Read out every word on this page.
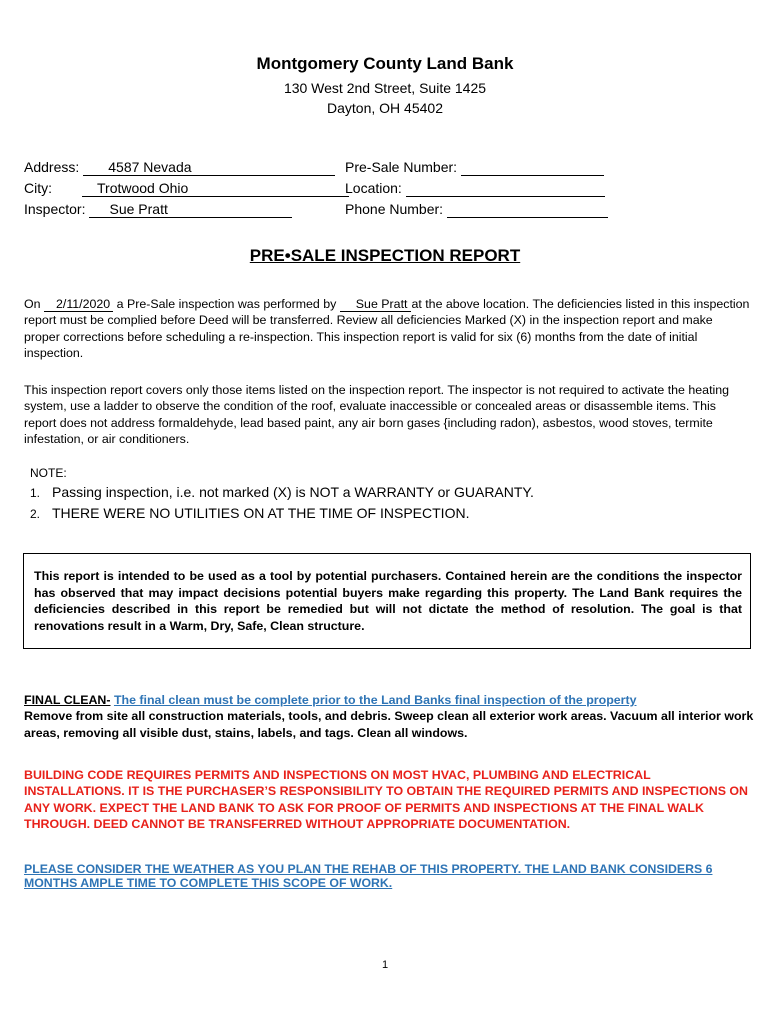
Montgomery County Land Bank
130 West 2nd Street, Suite 1425
Dayton, OH 45402
Address: 4587 Nevada
City:	Trotwood Ohio
Inspector: Sue Pratt
Pre-Sale Number:
Location:
Phone Number:
PRE•SALE INSPECTION REPORT
On 2/11/2020 a Pre-Sale inspection was performed by Sue Pratt at the above location. The deficiencies listed in this inspection report must be complied before Deed will be transferred. Review all deficiencies Marked (X) in the inspection report and make proper corrections before scheduling a re-inspection. This inspection report is valid for six (6) months from the date of initial inspection.
This inspection report covers only those items listed on the inspection report. The inspector is not required to activate the heating system, use a ladder to observe the condition of the roof, evaluate inaccessible or concealed areas or disassemble items. This report does not address formaldehyde, lead based paint, any air born gases {including radon), asbestos, wood stoves, termite infestation, or air conditioners.
NOTE:
1. Passing inspection, i.e. not marked (X) is NOT a WARRANTY or GUARANTY.
2. THERE WERE NO UTILITIES ON AT THE TIME OF INSPECTION.

This report is intended to be used as a tool by potential purchasers. Contained herein are the conditions the inspector has observed that may impact decisions potential buyers make regarding this property. The Land Bank requires the deficiencies described in this report be remedied but will not dictate the method of resolution. The goal is that renovations result in a Warm, Dry, Safe, Clean structure.

FINAL CLEAN- The final clean must be complete prior to the Land Banks final inspection of the property
Remove from site all construction materials, tools, and debris. Sweep clean all exterior work areas. Vacuum all interior work areas, removing all visible dust, stains, labels, and tags. Clean all windows.
BUILDING CODE REQUIRES PERMITS AND INSPECTIONS ON MOST HVAC, PLUMBING AND ELECTRICAL INSTALLATIONS. IT IS THE PURCHASER’S RESPONSIBILITY TO OBTAIN THE REQUIRED PERMITS AND INSPECTIONS ON ANY WORK. EXPECT THE LAND BANK TO ASK FOR PROOF OF PERMITS AND INSPECTIONS AT THE FINAL WALK THROUGH. DEED CANNOT BE TRANSFERRED WITHOUT APPROPRIATE DOCUMENTATION.
PLEASE CONSIDER THE WEATHER AS YOU PLAN THE REHAB OF THIS PROPERTY. THE LAND BANK CONSIDERS 6 MONTHS AMPLE TIME TO COMPLETE THIS SCOPE OF WORK.
1
